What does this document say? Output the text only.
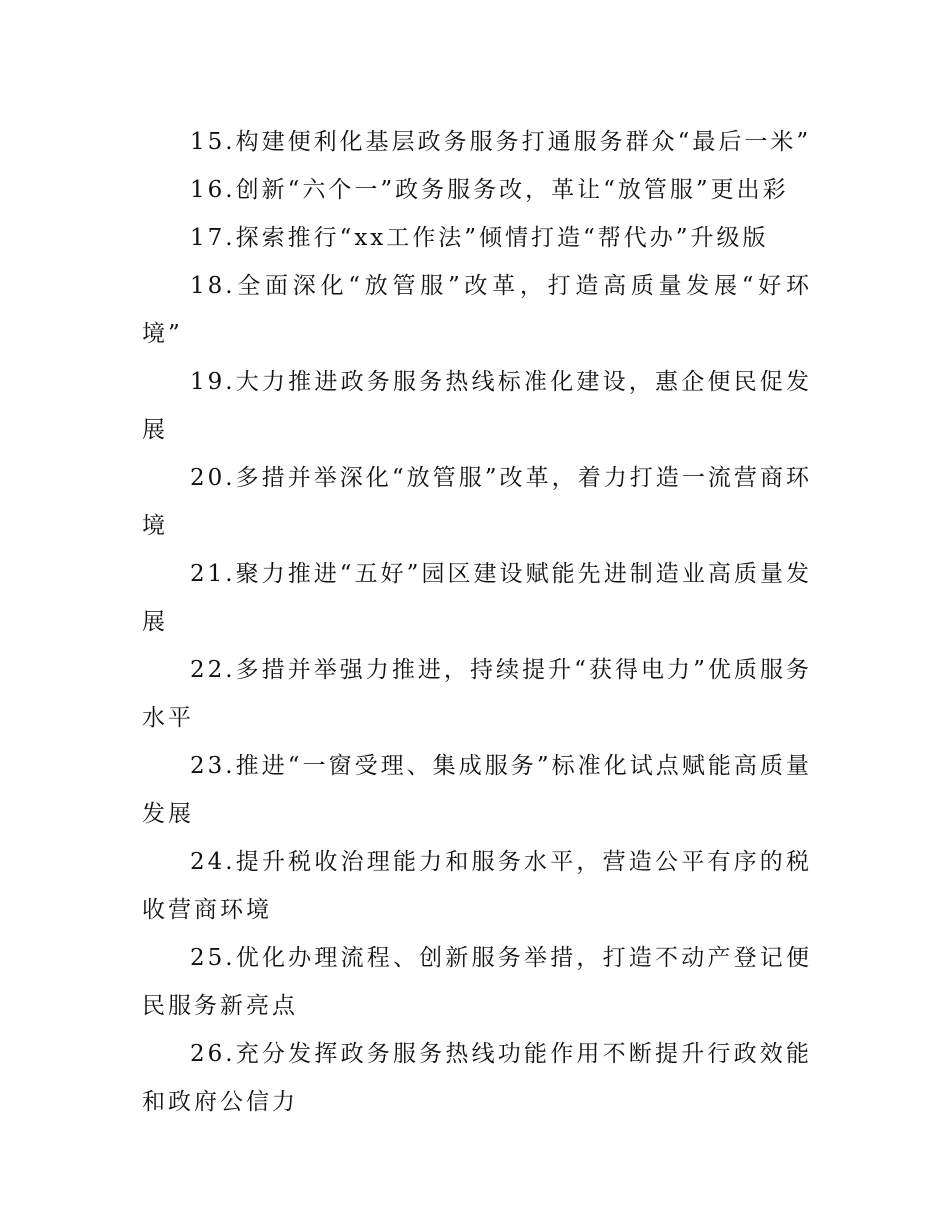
15.构建便利化基层政务服务打通服务群众“最后一米”

16.创新“六个一”政务服务改，革让“放管服”更出彩

17.探索推行“xx工作法”倾情打造“帮代办”升级版

18.全面深化“放管服”改革，打造高质量发展“好环境”

19.大力推进政务服务热线标准化建设，惠企便民促发展

20.多措并举深化“放管服”改革，着力打造一流营商环境

21.聚力推进“五好”园区建设赋能先进制造业高质量发展

22.多措并举强力推进，持续提升“获得电力”优质服务水平

23.推进“一窗受理、集成服务”标准化试点赋能高质量发展

24.提升税收治理能力和服务水平，营造公平有序的税收营商环境

25.优化办理流程、创新服务举措，打造不动产登记便民服务新亮点

26.充分发挥政务服务热线功能作用不断提升行政效能和政府公信力
